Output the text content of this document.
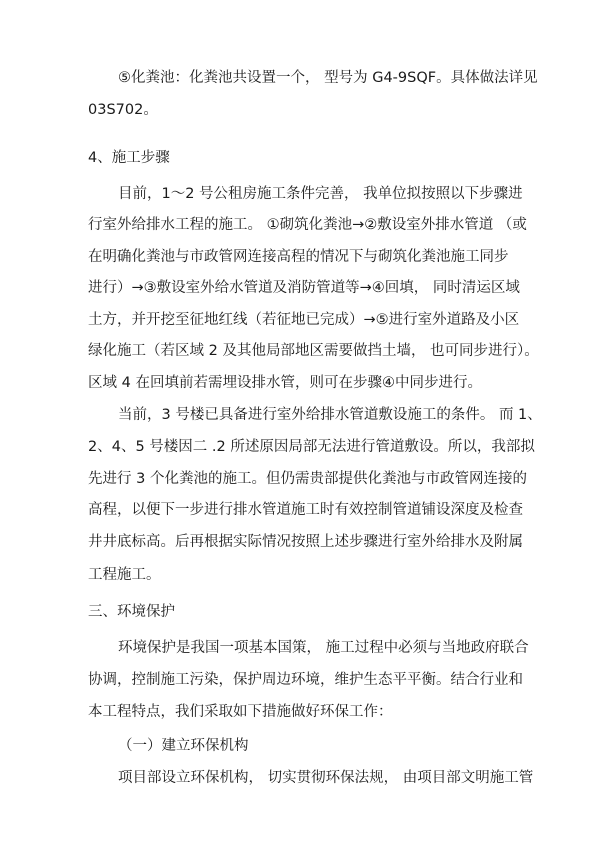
⑤化粪池：化粪池共设置一个， 型号为 G4-9SQF。具体做法详见
03S702。
4、施工步骤
目前，1～2 号公租房施工条件完善， 我单位拟按照以下步骤进
行室外给排水工程的施工。 ①砌筑化粪池→②敷设室外排水管道 （或
在明确化粪池与市政管网连接高程的情况下与砌筑化粪池施工同步
进行）→③敷设室外给水管道及消防管道等→④回填， 同时清运区域
土方，并开挖至征地红线（若征地已完成）→⑤进行室外道路及小区
绿化施工（若区域 2 及其他局部地区需要做挡土墙， 也可同步进行）。
区域 4 在回填前若需埋设排水管，则可在步骤④中同步进行。
当前，3 号楼已具备进行室外给排水管道敷设施工的条件。 而 1、
2、4、5 号楼因二 .2 所述原因局部无法进行管道敷设。所以，我部拟
先进行 3 个化粪池的施工。但仍需贵部提供化粪池与市政管网连接的
高程，以便下一步进行排水管道施工时有效控制管道铺设深度及检查
井井底标高。后再根据实际情况按照上述步骤进行室外给排水及附属
工程施工。
三、环境保护
环境保护是我国一项基本国策， 施工过程中必须与当地政府联合
协调，控制施工污染，保护周边环境，维护生态平平衡。结合行业和
本工程特点，我们采取如下措施做好环保工作：
（一）建立环保机构
项目部设立环保机构， 切实贯彻环保法规， 由项目部文明施工管
